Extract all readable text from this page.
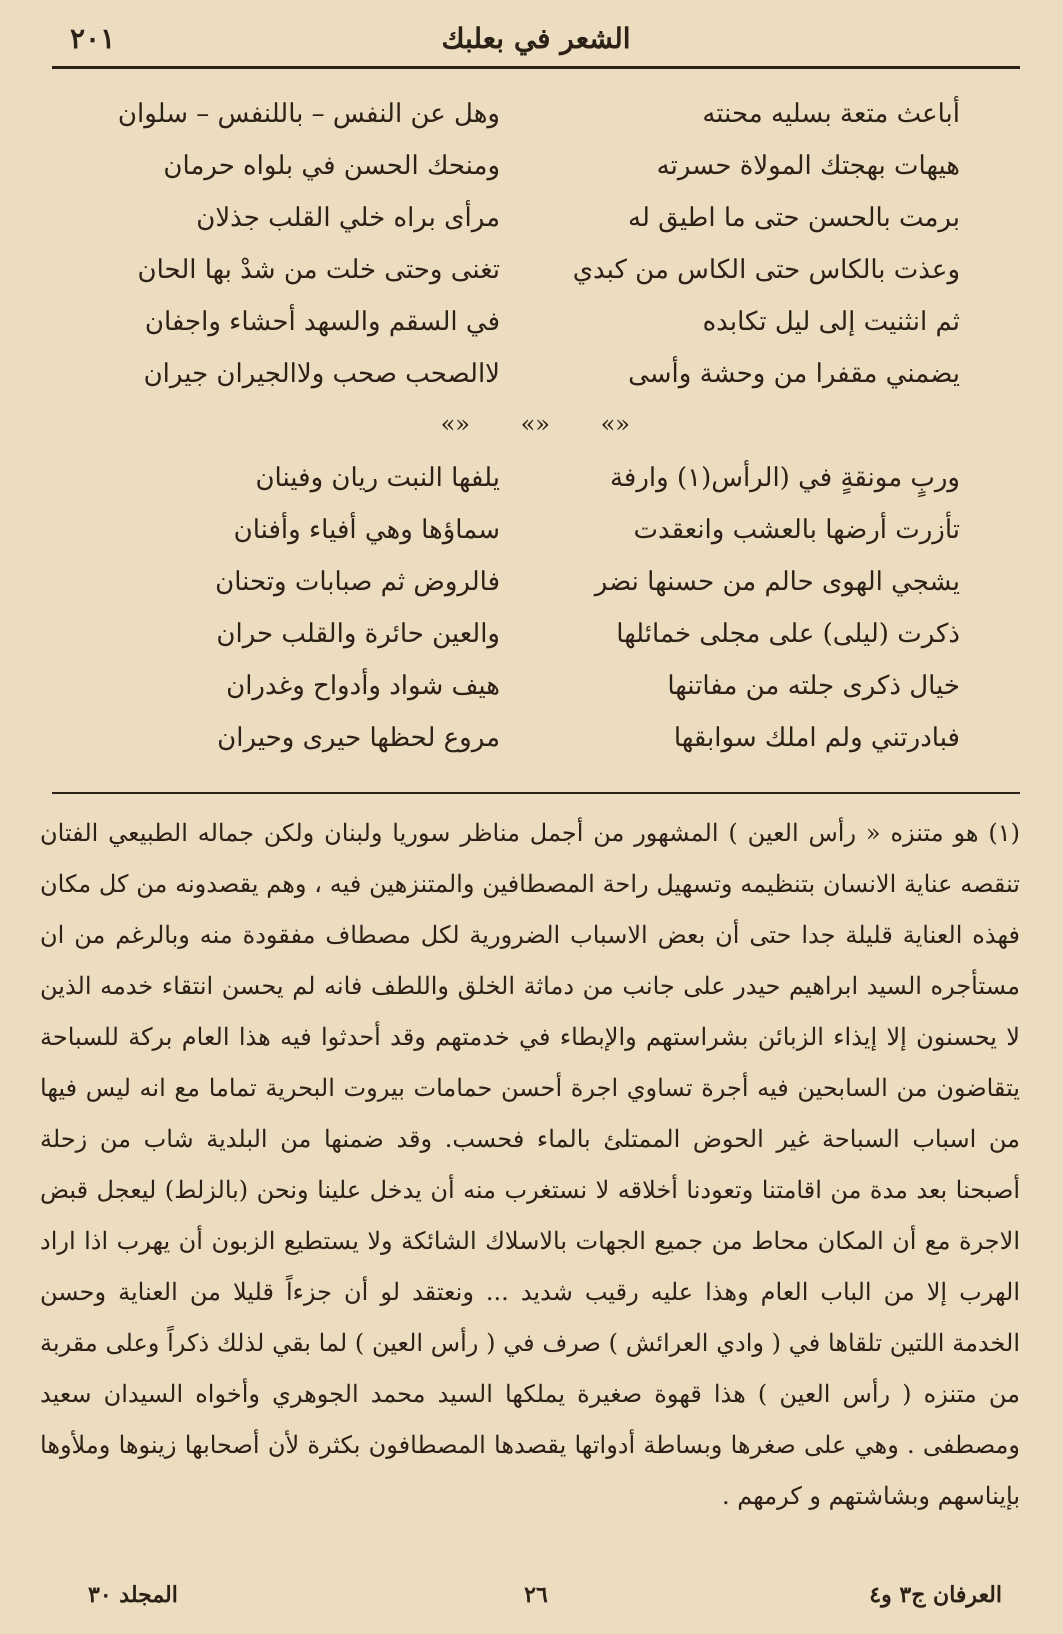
الشعر في بعلبك
٢٠١
أباعث متعة بسليه محنته
وهل عن النفس – باللنفس – سلوان
هيهات بهجتك المولاة حسرته
ومنحك الحسن في بلواه حرمان
برمت بالحسن حتى ما اطيق له
مرأى براه خلي القلب جذلان
وعذت بالكاس حتى الكاس من كبدي
تغنى وحتى خلت من شدْ بها الحان
ثم انثنيت إلى ليل تكابده
في السقم والسهد أحشاء واجفان
يضمني مقفرا من وحشة وأسى
لاالصحب صحب ولاالجيران جيران
«»
«»
«»
وربٍ مونقةٍ في (الرأس(١) وارفة
يلفها النبت ريان وفينان
تأزرت أرضها بالعشب وانعقدت
سماؤها وهي أفياء وأفنان
يشجي الهوى حالم من حسنها نضر
فالروض ثم صبابات وتحنان
ذكرت (ليلى) على مجلى خمائلها
والعين حائرة والقلب حران
خيال ذكرى جلته من مفاتنها
هيف شواد وأدواح وغدران
فبادرتني ولم املك سوابقها
مروع لحظها حيرى وحيران

(١) هو متنزه « رأس العين ) المشهور من أجمل مناظر سوريا ولبنان ولكن جماله الطبيعي الفتان تنقصه عناية الانسان بتنظيمه وتسهيل راحة المصطافين والمتنزهين فيه ، وهم يقصدونه من كل مكان فهذه العناية قليلة جدا حتى أن بعض الاسباب الضرورية لكل مصطاف مفقودة منه وبالرغم من ان مستأجره السيد ابراهيم حيدر على جانب من دماثة الخلق واللطف فانه لم يحسن انتقاء خدمه الذين لا يحسنون إلا إيذاء الزبائن بشراستهم والإبطاء في خدمتهم وقد أحدثوا فيه هذا العام بركة للسباحة يتقاضون من السابحين فيه أجرة تساوي اجرة أحسن حمامات بيروت البحرية تماما مع انه ليس فيها من اسباب السباحة غير الحوض الممتلئ بالماء فحسب. وقد ضمنها من البلدية شاب من زحلة أصبحنا بعد مدة من اقامتنا وتعودنا أخلاقه لا نستغرب منه أن يدخل علينا ونحن (بالزلط) ليعجل قبض الاجرة مع أن المكان محاط من جميع الجهات بالاسلاك الشائكة ولا يستطيع الزبون أن يهرب اذا اراد الهرب إلا من الباب العام وهذا عليه رقيب شديد ... ونعتقد لو أن جزءاً قليلا من العناية وحسن الخدمة اللتين تلقاها في ( وادي العرائش ) صرف في ( رأس العين ) لما بقي لذلك ذكراً وعلى مقربة من متنزه ( رأس العين ) هذا قهوة صغيرة يملكها السيد محمد الجوهري وأخواه السيدان سعيد ومصطفى . وهي على صغرها وبساطة أدواتها يقصدها المصطافون بكثرة لأن أصحابها زينوها وملأوها بإيناسهم وبشاشتهم و كرمهم .

العرفان ج٣ و٤
٢٦
المجلد ٣٠
